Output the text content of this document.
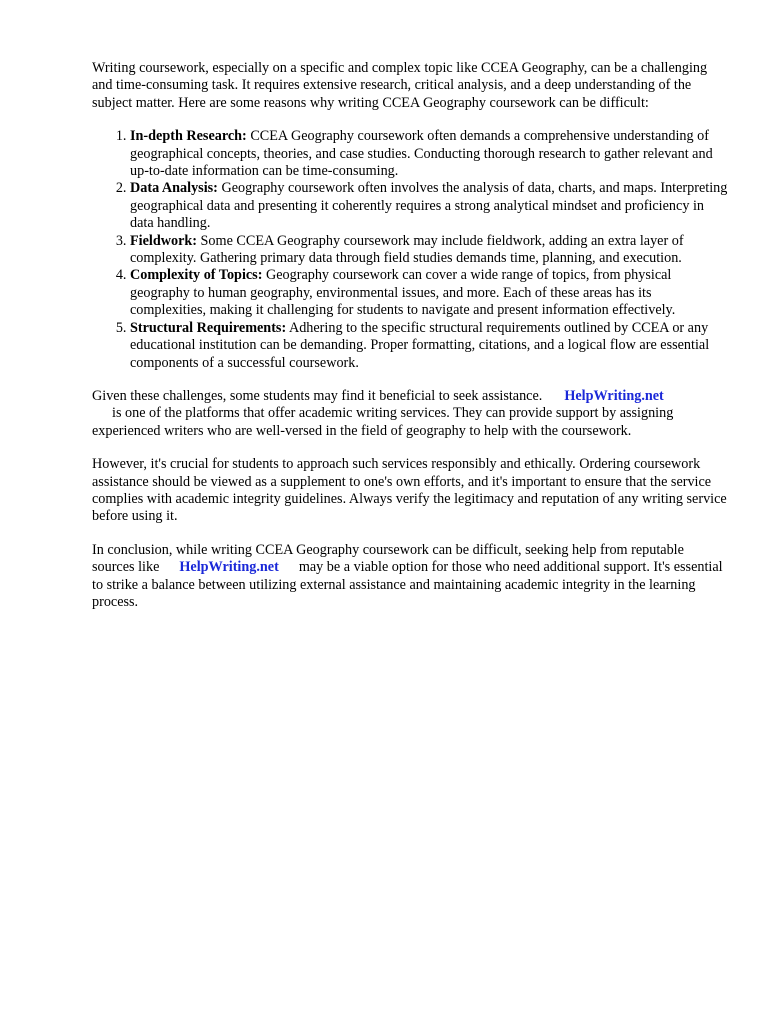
Writing coursework, especially on a specific and complex topic like CCEA Geography, can be a challenging and time-consuming task. It requires extensive research, critical analysis, and a deep understanding of the subject matter. Here are some reasons why writing CCEA Geography coursework can be difficult:

1. In-depth Research: CCEA Geography coursework often demands a comprehensive understanding of geographical concepts, theories, and case studies. Conducting thorough research to gather relevant and up-to-date information can be time-consuming.
2. Data Analysis: Geography coursework often involves the analysis of data, charts, and maps. Interpreting geographical data and presenting it coherently requires a strong analytical mindset and proficiency in data handling.
3. Fieldwork: Some CCEA Geography coursework may include fieldwork, adding an extra layer of complexity. Gathering primary data through field studies demands time, planning, and execution.
4. Complexity of Topics: Geography coursework can cover a wide range of topics, from physical geography to human geography, environmental issues, and more. Each of these areas has its complexities, making it challenging for students to navigate and present information effectively.
5. Structural Requirements: Adhering to the specific structural requirements outlined by CCEA or any educational institution can be demanding. Proper formatting, citations, and a logical flow are essential components of a successful coursework.

Given these challenges, some students may find it beneficial to seek assistance. HelpWriting.net
is one of the platforms that offer academic writing services. They can provide support by assigning experienced writers who are well-versed in the field of geography to help with the coursework.

However, it's crucial for students to approach such services responsibly and ethically. Ordering coursework assistance should be viewed as a supplement to one's own efforts, and it's important to ensure that the service complies with academic integrity guidelines. Always verify the legitimacy and reputation of any writing service before using it.

In conclusion, while writing CCEA Geography coursework can be difficult, seeking help from reputable sources like HelpWriting.net may be a viable option for those who need additional support. It's essential to strike a balance between utilizing external assistance and maintaining academic integrity in the learning process.
